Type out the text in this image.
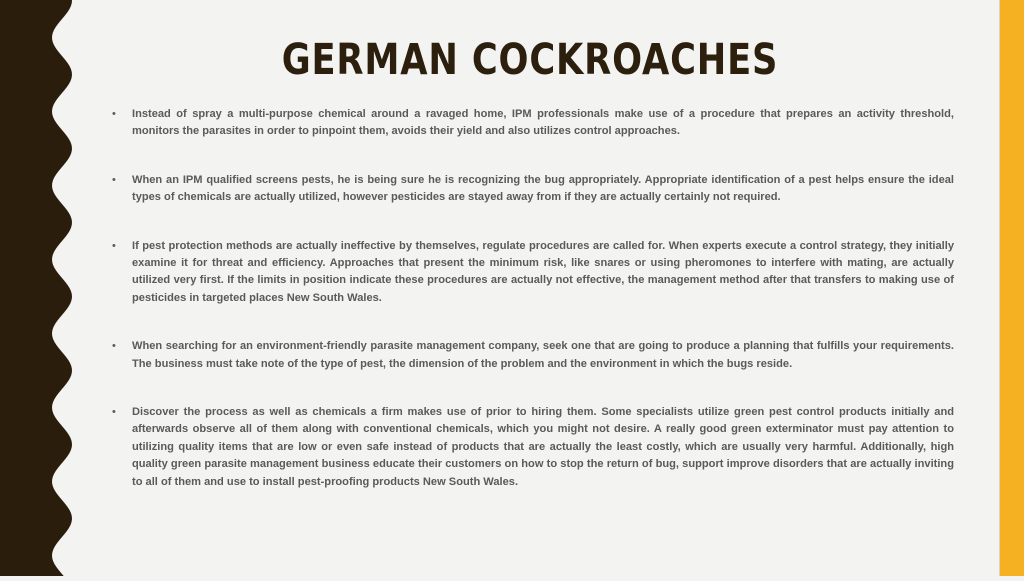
GERMAN COCKROACHES
• Instead of spray a multi-purpose chemical around a ravaged home, IPM professionals make use of a procedure that prepares an activity threshold, monitors the parasites in order to pinpoint them, avoids their yield and also utilizes control approaches.
• When an IPM qualified screens pests, he is being sure he is recognizing the bug appropriately. Appropriate identification of a pest helps ensure the ideal types of chemicals are actually utilized, however pesticides are stayed away from if they are actually certainly not required.
• If pest protection methods are actually ineffective by themselves, regulate procedures are called for. When experts execute a control strategy, they initially examine it for threat and efficiency. Approaches that present the minimum risk, like snares or using pheromones to interfere with mating, are actually utilized very first. If the limits in position indicate these procedures are actually not effective, the management method after that transfers to making use of pesticides in targeted places New South Wales.
• When searching for an environment-friendly parasite management company, seek one that are going to produce a planning that fulfills your requirements. The business must take note of the type of pest, the dimension of the problem and the environment in which the bugs reside.
• Discover the process as well as chemicals a firm makes use of prior to hiring them. Some specialists utilize green pest control products initially and afterwards observe all of them along with conventional chemicals, which you might not desire. A really good green exterminator must pay attention to utilizing quality items that are low or even safe instead of products that are actually the least costly, which are usually very harmful. Additionally, high quality green parasite management business educate their customers on how to stop the return of bug, support improve disorders that are actually inviting to all of them and use to install pest-proofing products New South Wales.
